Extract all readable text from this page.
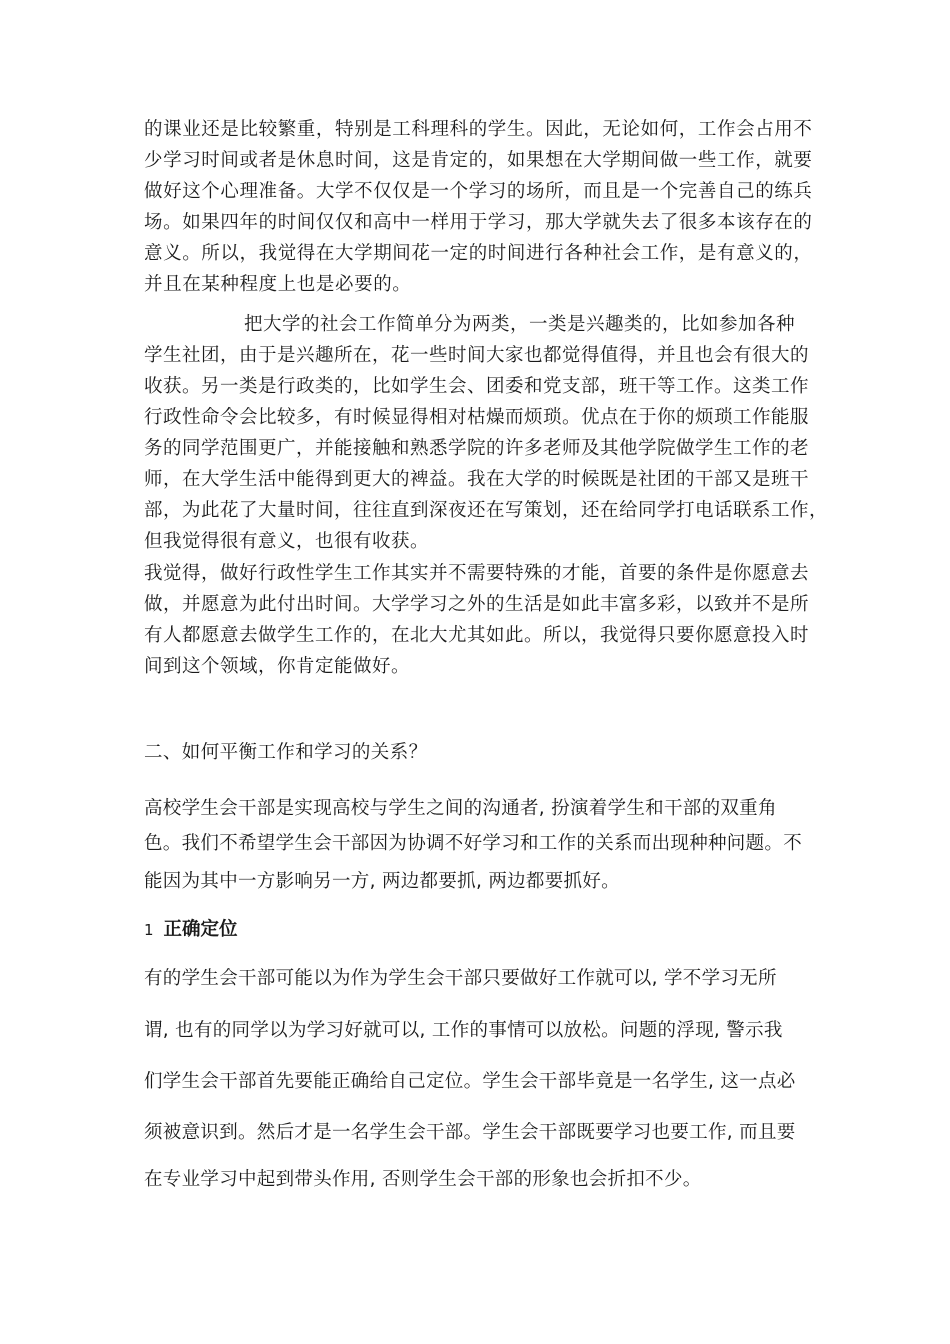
的课业还是比较繁重，特别是工科理科的学生。因此，无论如何，工作会占用不
少学习时间或者是休息时间，这是肯定的，如果想在大学期间做一些工作，就要
做好这个心理准备。大学不仅仅是一个学习的场所，而且是一个完善自己的练兵
场。如果四年的时间仅仅和高中一样用于学习，那大学就失去了很多本该存在的
意义。所以，我觉得在大学期间花一定的时间进行各种社会工作，是有意义的，
并且在某种程度上也是必要的。
把大学的社会工作简单分为两类，一类是兴趣类的，比如参加各种
学生社团，由于是兴趣所在，花一些时间大家也都觉得值得，并且也会有很大的
收获。另一类是行政类的，比如学生会、团委和党支部，班干等工作。这类工作
行政性命令会比较多，有时候显得相对枯燥而烦琐。优点在于你的烦琐工作能服
务的同学范围更广，并能接触和熟悉学院的许多老师及其他学院做学生工作的老
师，在大学生活中能得到更大的裨益。我在大学的时候既是社团的干部又是班干
部，为此花了大量时间，往往直到深夜还在写策划，还在给同学打电话联系工作，
但我觉得很有意义，也很有收获。
我觉得，做好行政性学生工作其实并不需要特殊的才能，首要的条件是你愿意去
做，并愿意为此付出时间。大学学习之外的生活是如此丰富多彩，以致并不是所
有人都愿意去做学生工作的，在北大尤其如此。所以，我觉得只要你愿意投入时
间到这个领域，你肯定能做好。
二、如何平衡工作和学习的关系？
高校学生会干部是实现高校与学生之间的沟通者, 扮演着学生和干部的双重角
色。我们不希望学生会干部因为协调不好学习和工作的关系而出现种种问题。不
能因为其中一方影响另一方, 两边都要抓, 两边都要抓好。
1 正确定位
有的学生会干部可能以为作为学生会干部只要做好工作就可以, 学不学习无所
谓, 也有的同学以为学习好就可以, 工作的事情可以放松。问题的浮现, 警示我
们学生会干部首先要能正确给自己定位。学生会干部毕竟是一名学生, 这一点必
须被意识到。然后才是一名学生会干部。学生会干部既要学习也要工作, 而且要
在专业学习中起到带头作用, 否则学生会干部的形象也会折扣不少。
